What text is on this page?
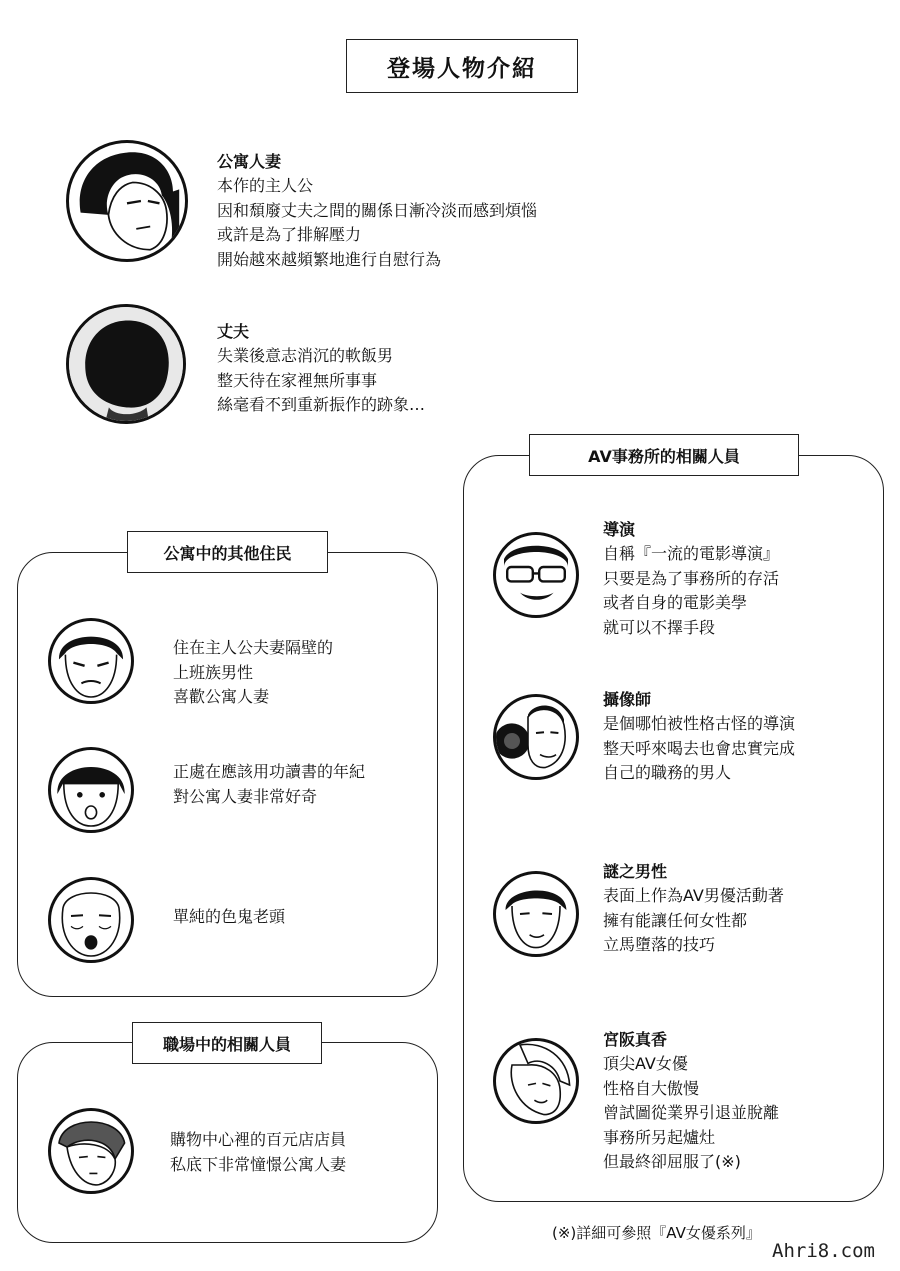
登場人物介紹
公寓人妻
本作的主人公
因和頹廢丈夫之間的關係日漸冷淡而感到煩惱
或許是為了排解壓力
開始越來越頻繁地進行自慰行為
丈夫
失業後意志消沉的軟飯男
整天待在家裡無所事事
絲毫看不到重新振作的跡象…
AV事務所的相關人員
導演
自稱『一流的電影導演』
只要是為了事務所的存活
或者自身的電影美學
就可以不擇手段
攝像師
是個哪怕被性格古怪的導演
整天呼來喝去也會忠實完成
自己的職務的男人
謎之男性
表面上作為AV男優活動著
擁有能讓任何女性都
立馬墮落的技巧
宮阪真香
頂尖AV女優
性格自大傲慢
曾試圖從業界引退並脫離
事務所另起爐灶
但最終卻屈服了(※)
公寓中的其他住民
住在主人公夫妻隔壁的
上班族男性
喜歡公寓人妻
正處在應該用功讀書的年紀
對公寓人妻非常好奇
單純的色鬼老頭
職場中的相關人員
購物中心裡的百元店店員
私底下非常憧憬公寓人妻
(※)詳細可參照『AV女優系列』
Ahri8.com
